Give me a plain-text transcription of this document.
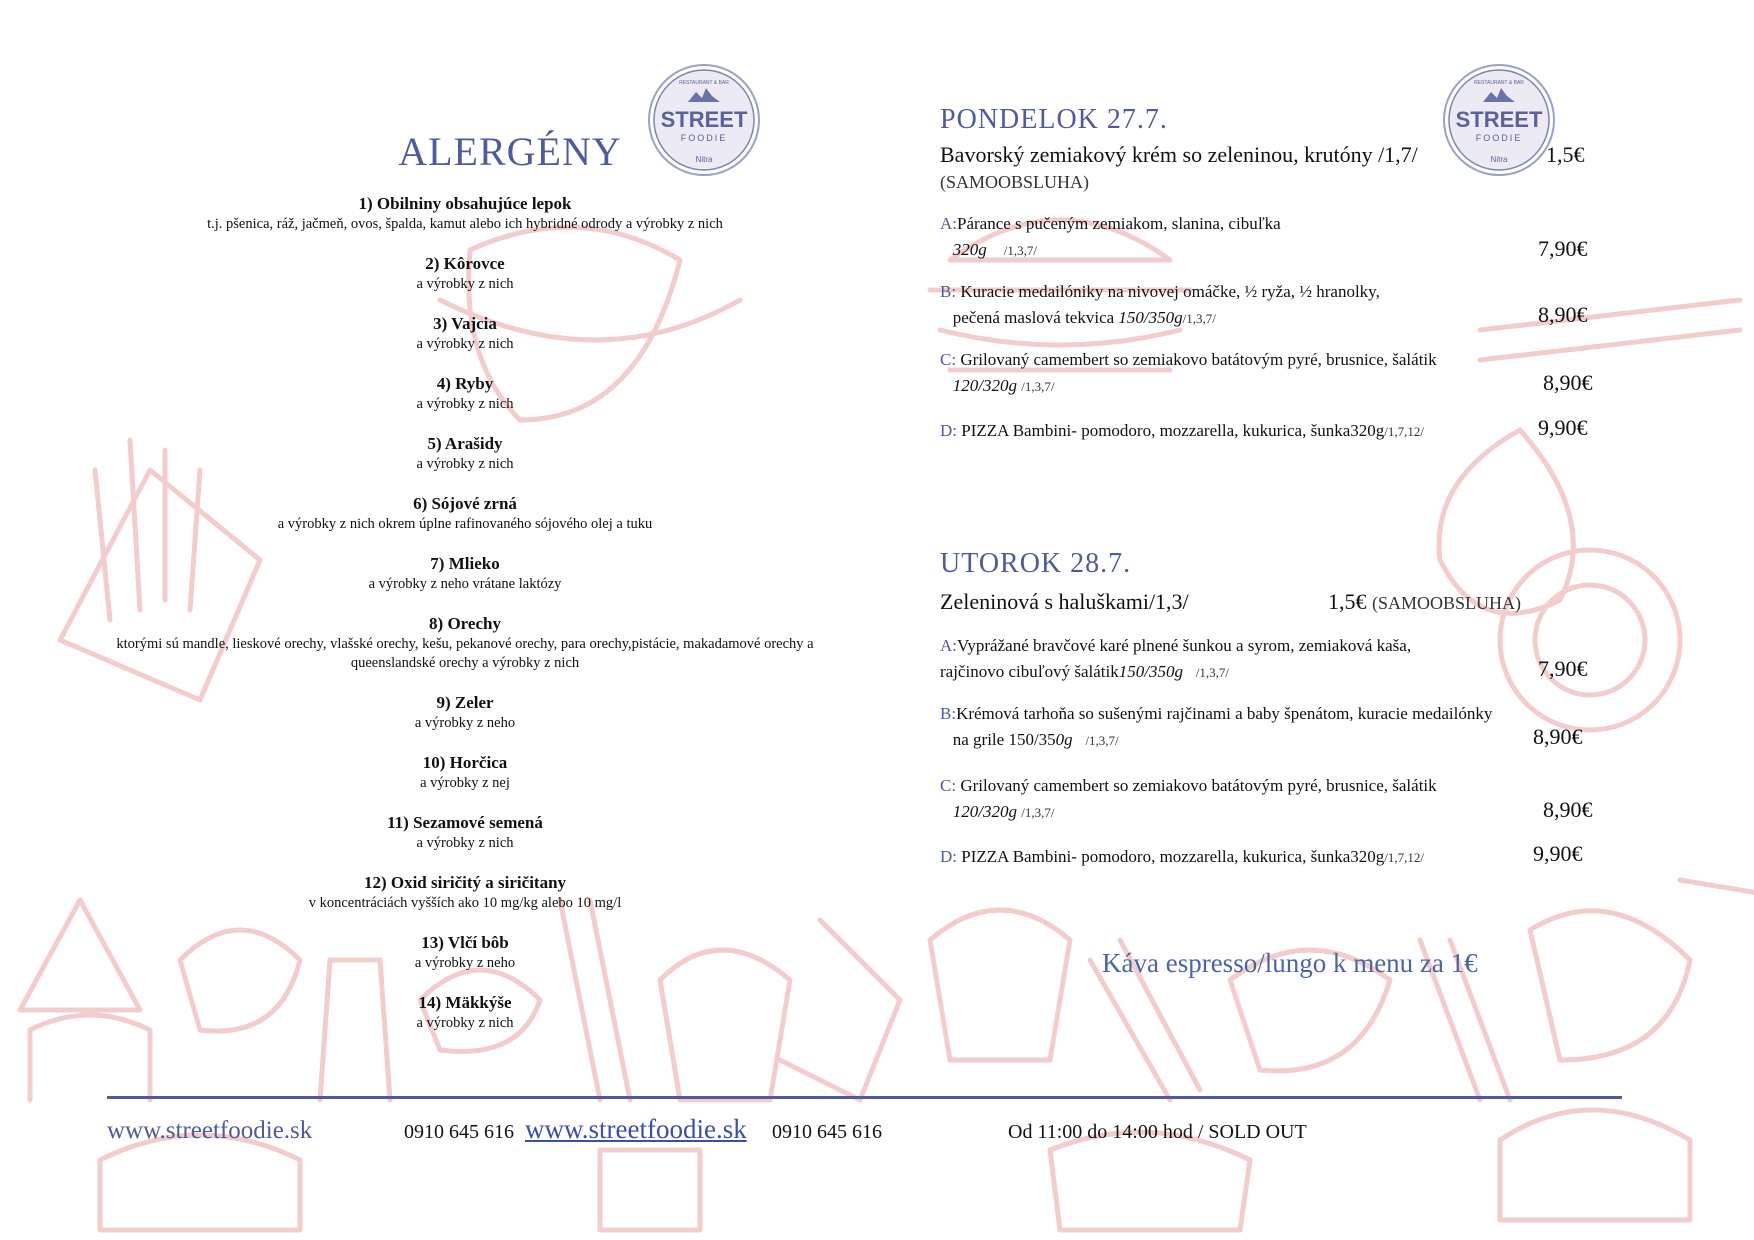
STREET
FOODIE
Nitra
RESTAURANT & BAR
STREET
FOODIE
Nitra
RESTAURANT & BAR
ALERGÉNY
1) Obilniny obsahujúce lepok
t.j. pšenica, ráž, jačmeň, ovos, špalda, kamut alebo ich hybridné odrody a výrobky z nich
2) Kôrovce
a výrobky z nich
3) Vajcia
a výrobky z nich
4) Ryby
a výrobky z nich
5) Arašidy
a výrobky z nich
6) Sójové zrná
a výrobky z nich okrem úplne rafinovaného sójového olej a tuku
7) Mlieko
a výrobky z neho vrátane laktózy
8) Orechy
ktorými sú mandle, lieskové orechy, vlašské orechy, kešu, pekanové orechy, para orechy,pistácie, makadamové orechy a queenslandské orechy a výrobky z nich
9) Zeler
a výrobky z neho
10) Horčica
a výrobky z nej
11) Sezamové semená
a výrobky z nich
12) Oxid siričitý a siričitany
v koncentráciách vyšších ako 10 mg/kg alebo 10 mg/l
13) Vlčí bôb
a výrobky z neho
14) Mäkkýše
a výrobky z nich
PONDELOK 27.7.
Bavorský zemiakový krém so zeleninou, krutóny /1,7/	1,5€
(SAMOOBSLUHA)
A:Párance s pučeným zemiakom, slanina, cibuľka
320g /1,3,7/	7,90€
B: Kuracie medailóniky na nivovej omáčke, ½ ryža, ½ hranolky,
pečená maslová tekvica 150/350g/1,3,7/	8,90€
C: Grilovaný camembert so zemiakovo batátovým pyré, brusnice, šalátik
120/320g /1,3,7/	8,90€
D: PIZZA Bambini- pomodoro, mozzarella, kukurica, šunka320g/1,7,12/	9,90€
UTOROK 28.7.
Zeleninová s haluškami/1,3/	1,5€ (SAMOOBSLUHA)
A:Vyprážané bravčové karé plnené šunkou a syrom, zemiaková kaša,
rajčinovo cibuľový šalátik150/350g /1,3,7/	7,90€
B:Krémová tarhoňa so sušenými rajčinami a baby špenátom, kuracie medailónky
na grile 150/350g /1,3,7/	8,90€
C: Grilovaný camembert so zemiakovo batátovým pyré, brusnice, šalátik
120/320g /1,3,7/	8,90€
D: PIZZA Bambini- pomodoro, mozzarella, kukurica, šunka320g/1,7,12/	9,90€
Káva espresso/lungo k menu za 1€
www.streetfoodie.sk	0910 645 616 www.streetfoodie.sk 0910 645 616	Od 11:00 do 14:00 hod / SOLD OUT
